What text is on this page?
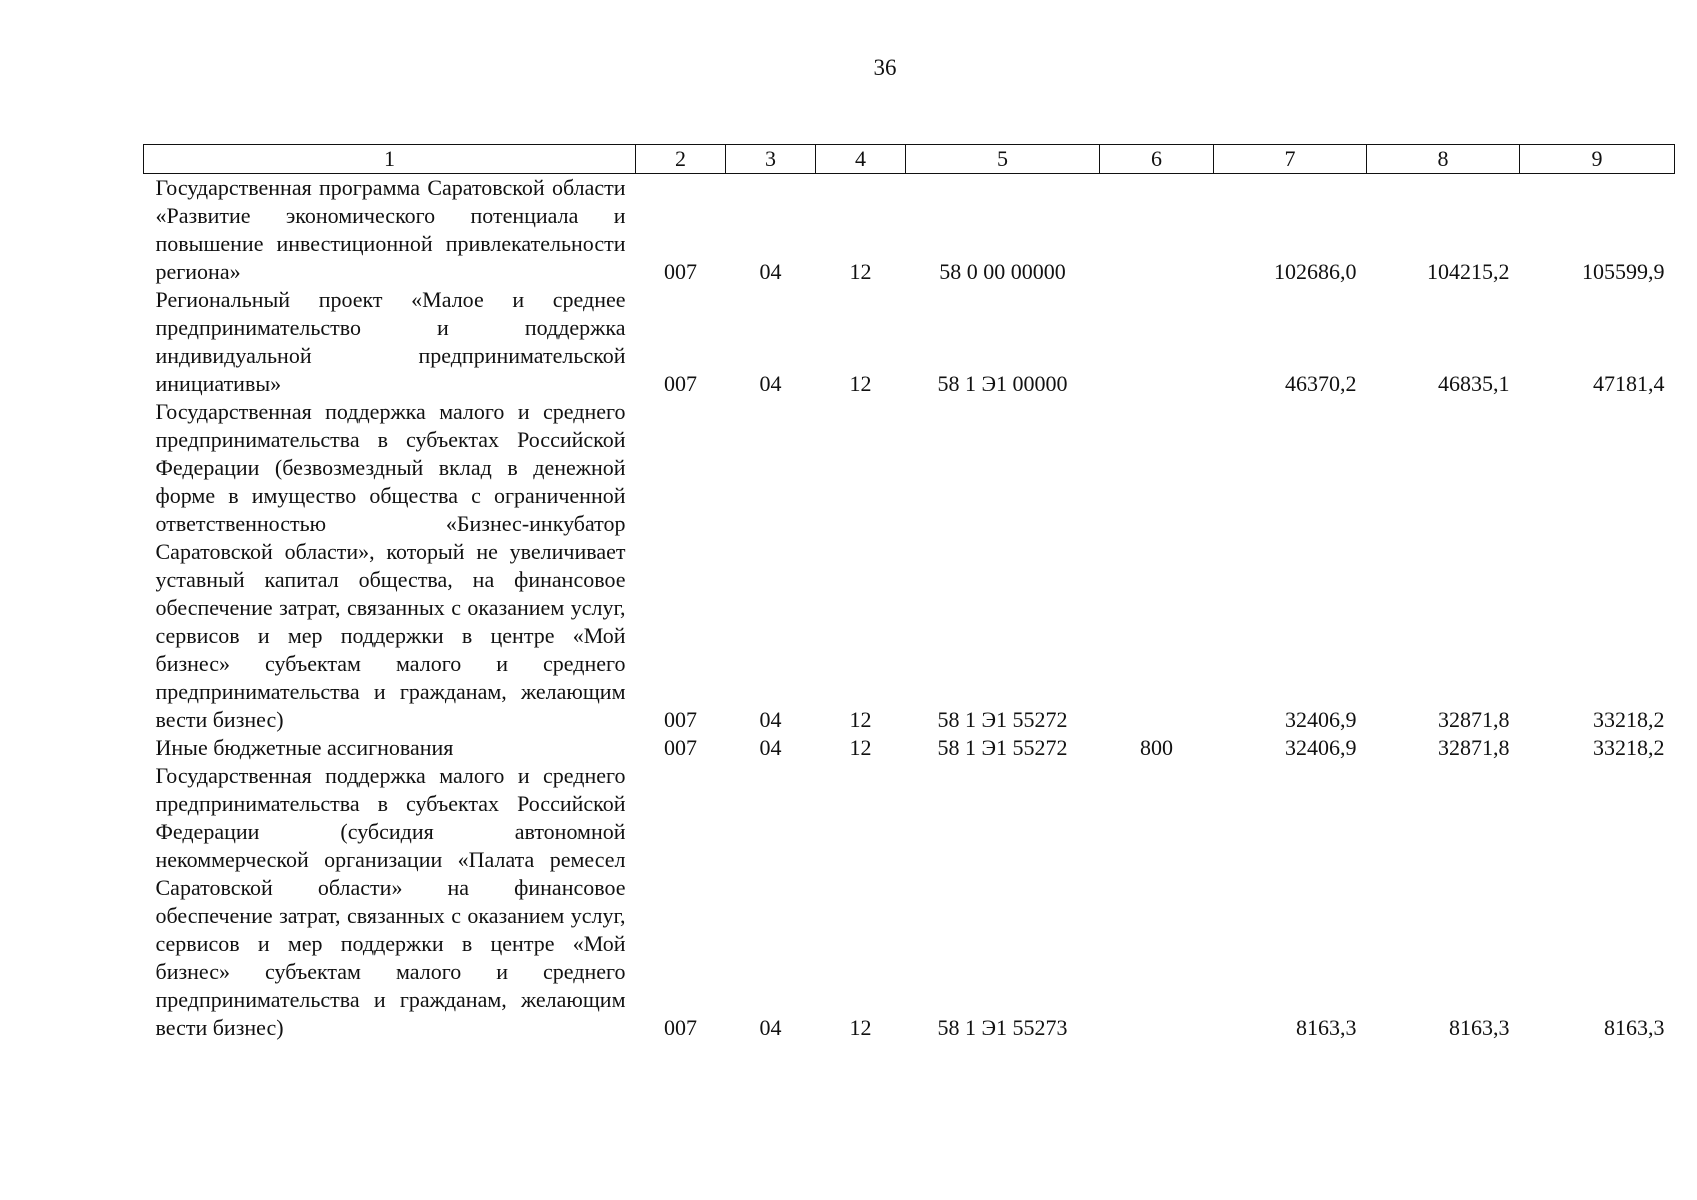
36
1	2	3	4	5	6	7	8	9
Государственная программа Саратовской области «Развитие экономического потенциала и повышение инвестиционной привлекательности региона»	007	04	12	58 0 00 00000		102686,0	104215,2	105599,9
Региональный проект «Малое и среднее предпринимательство и поддержка индивидуальной предпринимательской инициативы»	007	04	12	58 1 Э1 00000		46370,2	46835,1	47181,4
Государственная поддержка малого и среднего предпринимательства в субъектах Российской Федерации (безвозмездный вклад в денежной форме в имущество общества с ограниченной ответственностью «Бизнес-инкубатор Саратовской области», который не увеличивает уставный капитал общества, на финансовое обеспечение затрат, связанных с оказанием услуг, сервисов и мер поддержки в центре «Мой бизнес» субъектам малого и среднего предпринимательства и гражданам, желающим вести бизнес)	007	04	12	58 1 Э1 55272		32406,9	32871,8	33218,2
Иные бюджетные ассигнования	007	04	12	58 1 Э1 55272	800	32406,9	32871,8	33218,2
Государственная поддержка малого и среднего предпринимательства в субъектах Российской Федерации (субсидия автономной некоммерческой организации «Палата ремесел Саратовской области» на финансовое обеспечение затрат, связанных с оказанием услуг, сервисов и мер поддержки в центре «Мой бизнес» субъектам малого и среднего предпринимательства и гражданам, желающим вести бизнес)	007	04	12	58 1 Э1 55273		8163,3	8163,3	8163,3
